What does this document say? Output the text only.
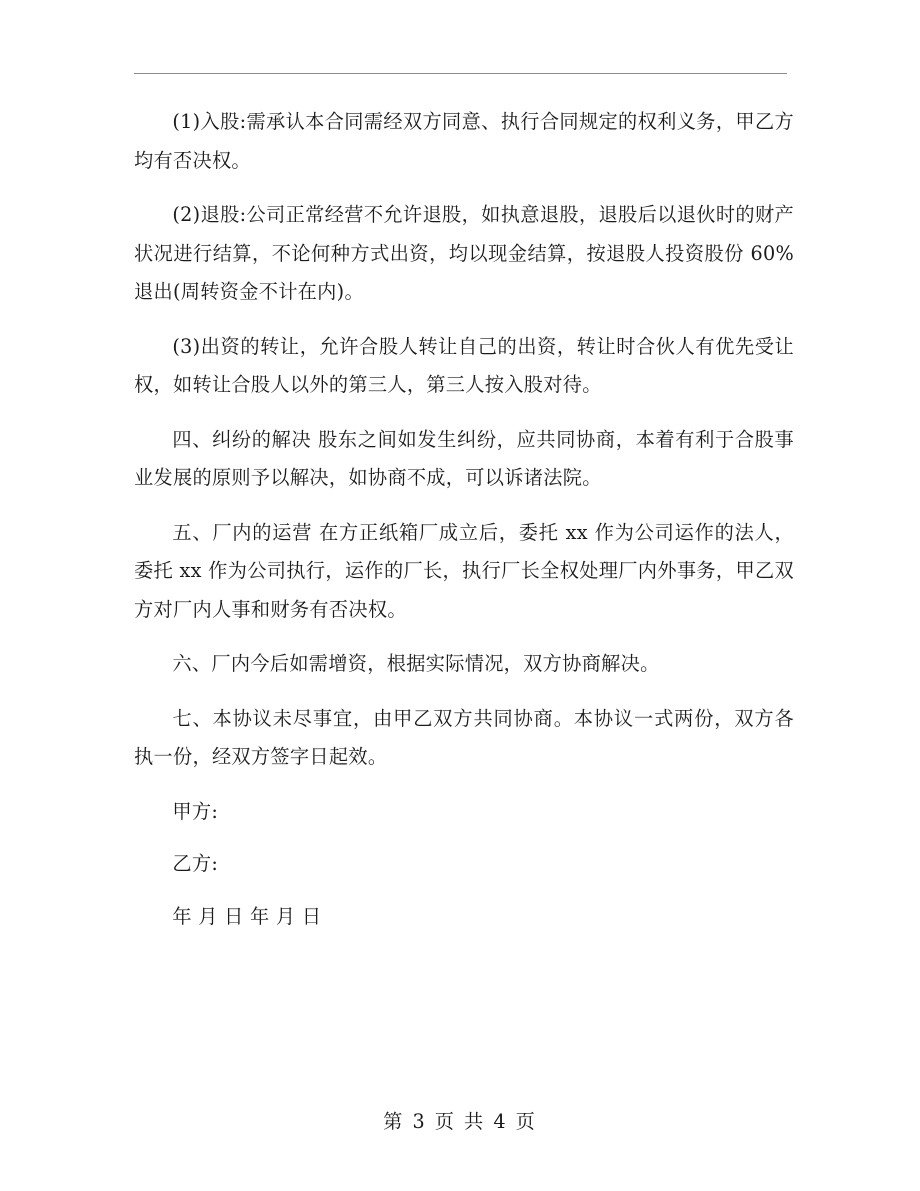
(1)入股:需承认本合同需经双方同意、执行合同规定的权利义务，甲乙方均有否决权。

(2)退股:公司正常经营不允许退股，如执意退股，退股后以退伙时的财产状况进行结算，不论何种方式出资，均以现金结算，按退股人投资股份 60%退出(周转资金不计在内)。

(3)出资的转让，允许合股人转让自己的出资，转让时合伙人有优先受让权，如转让合股人以外的第三人，第三人按入股对待。

四、纠纷的解决 股东之间如发生纠纷，应共同协商，本着有利于合股事业发展的原则予以解决，如协商不成，可以诉诸法院。

五、厂内的运营 在方正纸箱厂成立后，委托 xx 作为公司运作的法人，委托 xx 作为公司执行，运作的厂长，执行厂长全权处理厂内外事务，甲乙双方对厂内人事和财务有否决权。

六、厂内今后如需增资，根据实际情况，双方协商解决。

七、本协议未尽事宜，由甲乙双方共同协商。本协议一式两份，双方各执一份，经双方签字日起效。

甲方:

乙方:

年 月 日 年 月 日

第 3 页 共 4 页
